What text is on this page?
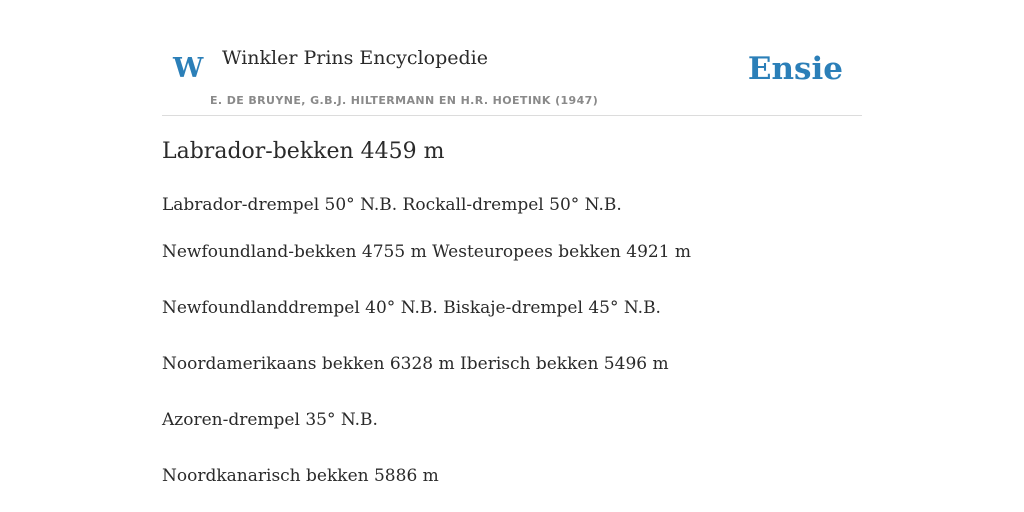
W Winkler Prins Encyclopedie
E. DE BRUYNE, G.B.J. HILTERMANN EN H.R. HOETINK (1947)
Ensie
Labrador-bekken 4459 m

Labrador-drempel 50° N.B. Rockall-drempel 50° N.B.

Newfoundland-bekken 4755 m Westeuropees bekken 4921 m

Newfoundlanddrempel 40° N.B. Biskaje-drempel 45° N.B.

Noordamerikaans bekken 6328 m Iberisch bekken 5496 m

Azoren-drempel 35° N.B.

Noordkanarisch bekken 5886 m
